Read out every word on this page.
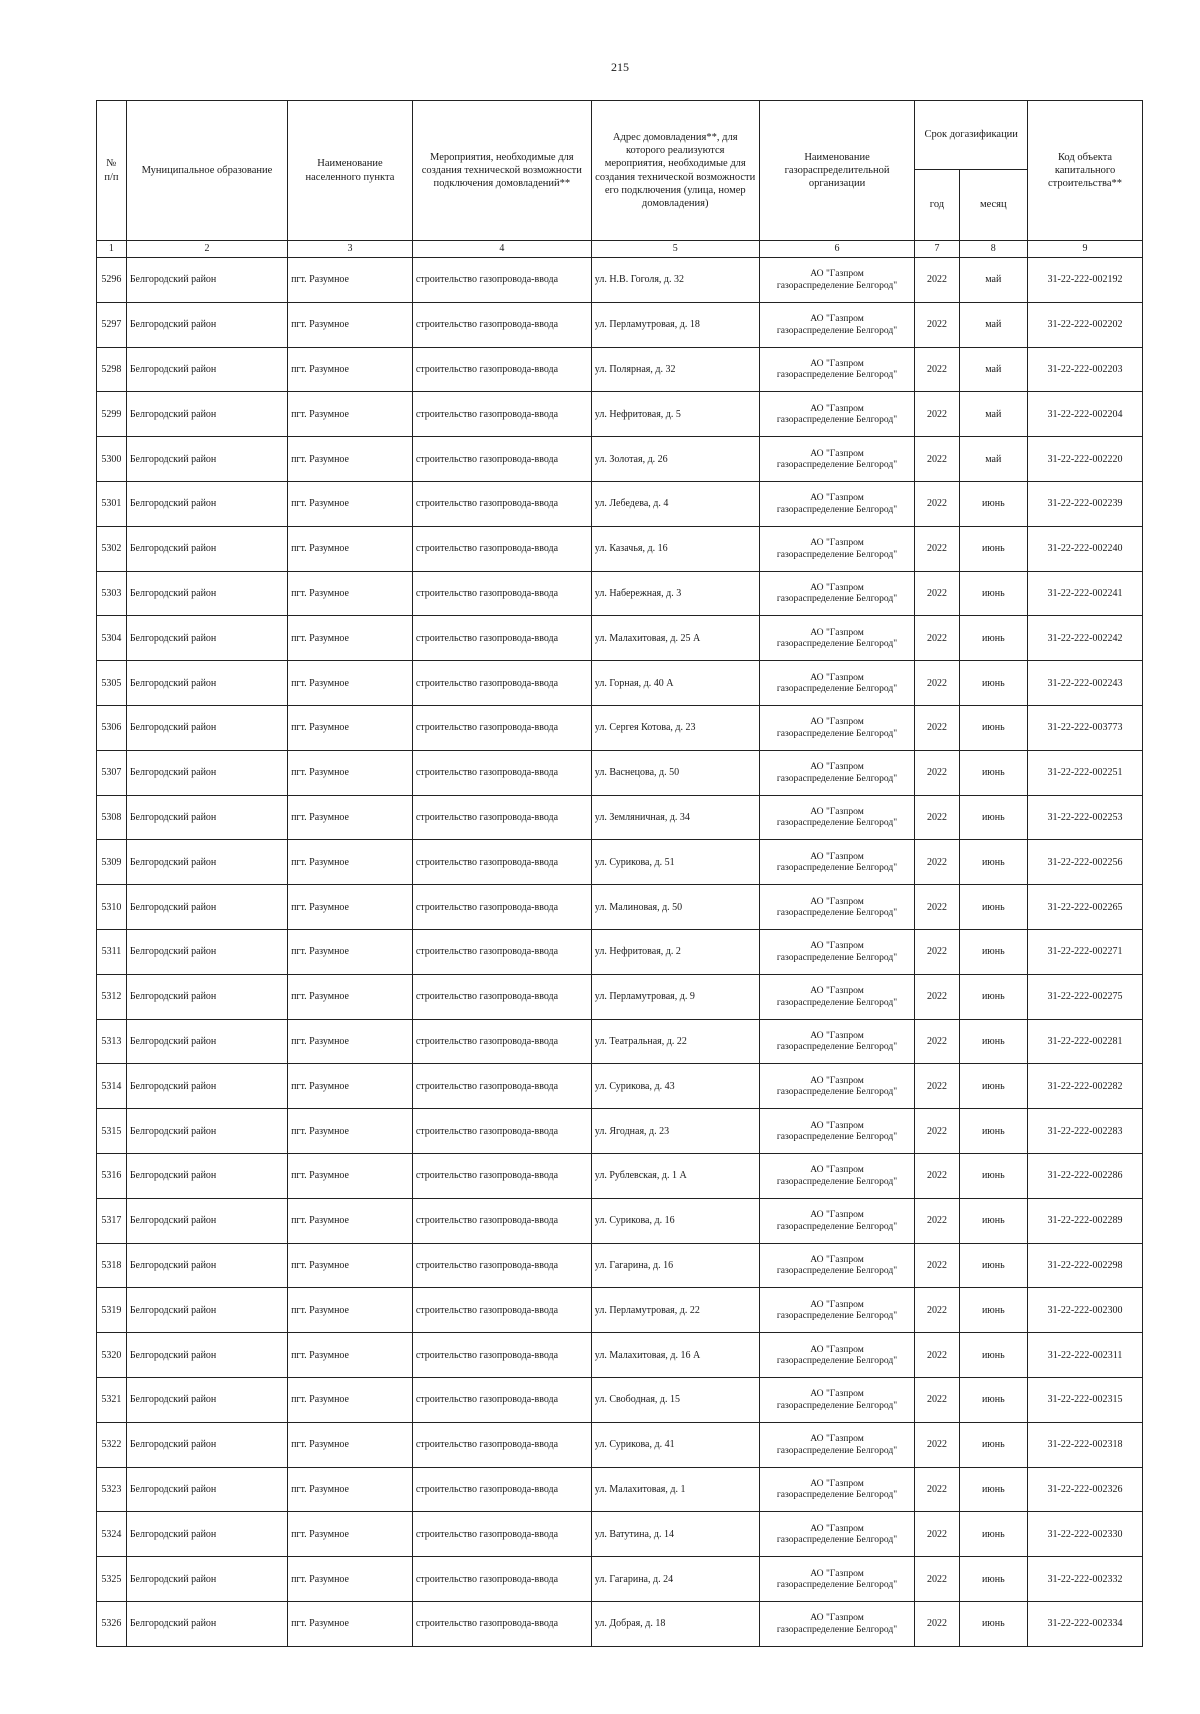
215
№
п/п	Муниципальное образование	Наименование населенного пункта	Мероприятия, необходимые для создания технической возможности подключения домовладений**	Адрес домовладения**, для которого реализуются мероприятия, необходимые для создания технической возможности его подключения (улица, номер домовладения)	Наименование газораспределительной организации	Срок догазификации		Код объекта капитального строительства**
						год	месяц	
1	2	3	4	5	6	7	8	9
5296	Белгородский район	пгт. Разумное	строительство газопровода-ввода	ул. Н.В. Гоголя, д. 32	АО "Газпром
газораспределение Белгород"	2022	май	31-22-222-002192
5297	Белгородский район	пгт. Разумное	строительство газопровода-ввода	ул. Перламутровая, д. 18	АО "Газпром
газораспределение Белгород"	2022	май	31-22-222-002202
5298	Белгородский район	пгт. Разумное	строительство газопровода-ввода	ул. Полярная, д. 32	АО "Газпром
газораспределение Белгород"	2022	май	31-22-222-002203
5299	Белгородский район	пгт. Разумное	строительство газопровода-ввода	ул. Нефритовая, д. 5	АО "Газпром
газораспределение Белгород"	2022	май	31-22-222-002204
5300	Белгородский район	пгт. Разумное	строительство газопровода-ввода	ул. Золотая, д. 26	АО "Газпром
газораспределение Белгород"	2022	май	31-22-222-002220
5301	Белгородский район	пгт. Разумное	строительство газопровода-ввода	ул. Лебедева, д. 4	АО "Газпром
газораспределение Белгород"	2022	июнь	31-22-222-002239
5302	Белгородский район	пгт. Разумное	строительство газопровода-ввода	ул. Казачья, д. 16	АО "Газпром
газораспределение Белгород"	2022	июнь	31-22-222-002240
5303	Белгородский район	пгт. Разумное	строительство газопровода-ввода	ул. Набережная, д. 3	АО "Газпром
газораспределение Белгород"	2022	июнь	31-22-222-002241
5304	Белгородский район	пгт. Разумное	строительство газопровода-ввода	ул. Малахитовая, д. 25 А	АО "Газпром
газораспределение Белгород"	2022	июнь	31-22-222-002242
5305	Белгородский район	пгт. Разумное	строительство газопровода-ввода	ул. Горная, д. 40 А	АО "Газпром
газораспределение Белгород"	2022	июнь	31-22-222-002243
5306	Белгородский район	пгт. Разумное	строительство газопровода-ввода	ул. Сергея Котова, д. 23	АО "Газпром
газораспределение Белгород"	2022	июнь	31-22-222-003773
5307	Белгородский район	пгт. Разумное	строительство газопровода-ввода	ул. Васнецова, д. 50	АО "Газпром
газораспределение Белгород"	2022	июнь	31-22-222-002251
5308	Белгородский район	пгт. Разумное	строительство газопровода-ввода	ул. Земляничная, д. 34	АО "Газпром
газораспределение Белгород"	2022	июнь	31-22-222-002253
5309	Белгородский район	пгт. Разумное	строительство газопровода-ввода	ул. Сурикова, д. 51	АО "Газпром
газораспределение Белгород"	2022	июнь	31-22-222-002256
5310	Белгородский район	пгт. Разумное	строительство газопровода-ввода	ул. Малиновая, д. 50	АО "Газпром
газораспределение Белгород"	2022	июнь	31-22-222-002265
5311	Белгородский район	пгт. Разумное	строительство газопровода-ввода	ул. Нефритовая, д. 2	АО "Газпром
газораспределение Белгород"	2022	июнь	31-22-222-002271
5312	Белгородский район	пгт. Разумное	строительство газопровода-ввода	ул. Перламутровая, д. 9	АО "Газпром
газораспределение Белгород"	2022	июнь	31-22-222-002275
5313	Белгородский район	пгт. Разумное	строительство газопровода-ввода	ул. Театральная, д. 22	АО "Газпром
газораспределение Белгород"	2022	июнь	31-22-222-002281
5314	Белгородский район	пгт. Разумное	строительство газопровода-ввода	ул. Сурикова, д. 43	АО "Газпром
газораспределение Белгород"	2022	июнь	31-22-222-002282
5315	Белгородский район	пгт. Разумное	строительство газопровода-ввода	ул. Ягодная, д. 23	АО "Газпром
газораспределение Белгород"	2022	июнь	31-22-222-002283
5316	Белгородский район	пгт. Разумное	строительство газопровода-ввода	ул. Рублевская, д. 1 А	АО "Газпром
газораспределение Белгород"	2022	июнь	31-22-222-002286
5317	Белгородский район	пгт. Разумное	строительство газопровода-ввода	ул. Сурикова, д. 16	АО "Газпром
газораспределение Белгород"	2022	июнь	31-22-222-002289
5318	Белгородский район	пгт. Разумное	строительство газопровода-ввода	ул. Гагарина, д. 16	АО "Газпром
газораспределение Белгород"	2022	июнь	31-22-222-002298
5319	Белгородский район	пгт. Разумное	строительство газопровода-ввода	ул. Перламутровая, д. 22	АО "Газпром
газораспределение Белгород"	2022	июнь	31-22-222-002300
5320	Белгородский район	пгт. Разумное	строительство газопровода-ввода	ул. Малахитовая, д. 16 А	АО "Газпром
газораспределение Белгород"	2022	июнь	31-22-222-002311
5321	Белгородский район	пгт. Разумное	строительство газопровода-ввода	ул. Свободная, д. 15	АО "Газпром
газораспределение Белгород"	2022	июнь	31-22-222-002315
5322	Белгородский район	пгт. Разумное	строительство газопровода-ввода	ул. Сурикова, д. 41	АО "Газпром
газораспределение Белгород"	2022	июнь	31-22-222-002318
5323	Белгородский район	пгт. Разумное	строительство газопровода-ввода	ул. Малахитовая, д. 1	АО "Газпром
газораспределение Белгород"	2022	июнь	31-22-222-002326
5324	Белгородский район	пгт. Разумное	строительство газопровода-ввода	ул. Ватутина, д. 14	АО "Газпром
газораспределение Белгород"	2022	июнь	31-22-222-002330
5325	Белгородский район	пгт. Разумное	строительство газопровода-ввода	ул. Гагарина, д. 24	АО "Газпром
газораспределение Белгород"	2022	июнь	31-22-222-002332
5326	Белгородский район	пгт. Разумное	строительство газопровода-ввода	ул. Добрая, д. 18	АО "Газпром
газораспределение Белгород"	2022	июнь	31-22-222-002334
